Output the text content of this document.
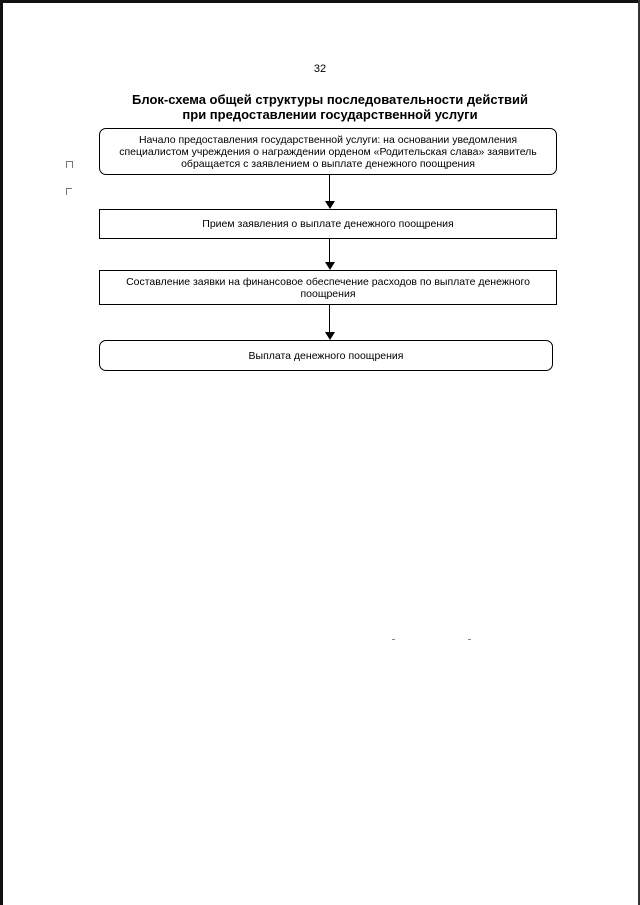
32
Блок-схема общей структуры последовательности действий
при предоставлении государственной услуги
Начало предоставления государственной услуги: на основании уведомления специалистом учреждения о награждении орденом «Родительская слава» заявитель обращается с заявлением о выплате денежного поощрения
Прием заявления о выплате денежного поощрения
Составление заявки на финансовое обеспечение расходов по выплате денежного поощрения
Выплата денежного поощрения
